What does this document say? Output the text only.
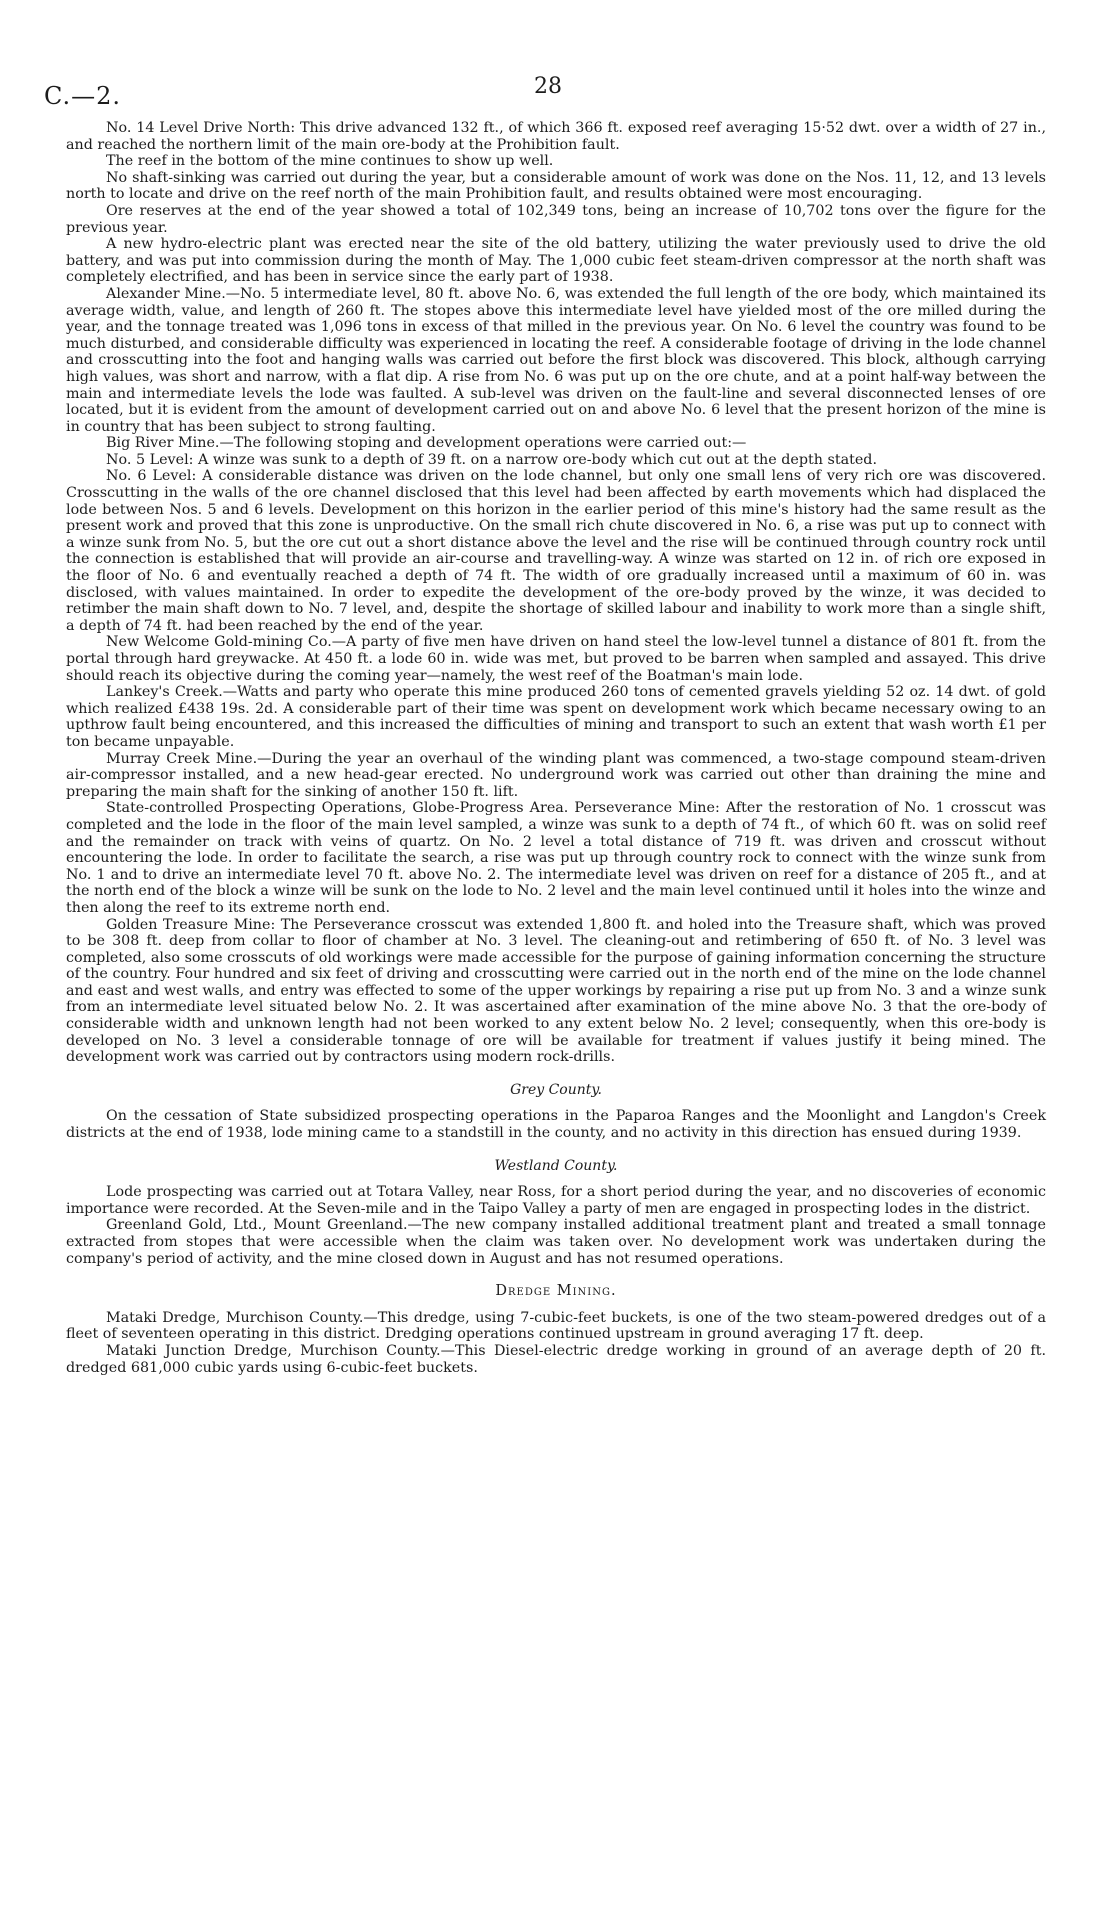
C.—2.	28

No. 14 Level Drive North: This drive advanced 132 ft., of which 366 ft. exposed reef averaging 15·52 dwt. over a width of 27 in., and reached the northern limit of the main ore-body at the Prohibition fault.

The reef in the bottom of the mine continues to show up well.

No shaft-sinking was carried out during the year, but a considerable amount of work was done on the Nos. 11, 12, and 13 levels north to locate and drive on the reef north of the main Prohibition fault, and results obtained were most encouraging.

Ore reserves at the end of the year showed a total of 102,349 tons, being an increase of 10,702 tons over the figure for the previous year.

A new hydro-electric plant was erected near the site of the old battery, utilizing the water previously used to drive the old battery, and was put into commission during the month of May. The 1,000 cubic feet steam-driven compressor at the north shaft was completely electrified, and has been in service since the early part of 1938.

Alexander Mine.—No. 5 intermediate level, 80 ft. above No. 6, was extended the full length of the ore body, which maintained its average width, value, and length of 260 ft. The stopes above this intermediate level have yielded most of the ore milled during the year, and the tonnage treated was 1,096 tons in excess of that milled in the previous year. On No. 6 level the country was found to be much disturbed, and considerable difficulty was experienced in locating the reef. A considerable footage of driving in the lode channel and crosscutting into the foot and hanging walls was carried out before the first block was discovered. This block, although carrying high values, was short and narrow, with a flat dip. A rise from No. 6 was put up on the ore chute, and at a point half-way between the main and intermediate levels the lode was faulted. A sub-level was driven on the fault-line and several disconnected lenses of ore located, but it is evident from the amount of development carried out on and above No. 6 level that the present horizon of the mine is in country that has been subject to strong faulting.

Big River Mine.—The following stoping and development operations were carried out:—

No. 5 Level: A winze was sunk to a depth of 39 ft. on a narrow ore-body which cut out at the depth stated.

No. 6 Level: A considerable distance was driven on the lode channel, but only one small lens of very rich ore was discovered. Crosscutting in the walls of the ore channel disclosed that this level had been affected by earth movements which had displaced the lode between Nos. 5 and 6 levels. Development on this horizon in the earlier period of this mine's history had the same result as the present work and proved that this zone is unproductive. On the small rich chute discovered in No. 6, a rise was put up to connect with a winze sunk from No. 5, but the ore cut out a short distance above the level and the rise will be continued through country rock until the connection is established that will provide an air-course and travelling-way. A winze was started on 12 in. of rich ore exposed in the floor of No. 6 and eventually reached a depth of 74 ft. The width of ore gradually increased until a maximum of 60 in. was disclosed, with values maintained. In order to expedite the development of the ore-body proved by the winze, it was decided to retimber the main shaft down to No. 7 level, and, despite the shortage of skilled labour and inability to work more than a single shift, a depth of 74 ft. had been reached by the end of the year.

New Welcome Gold-mining Co.—A party of five men have driven on hand steel the low-level tunnel a distance of 801 ft. from the portal through hard greywacke. At 450 ft. a lode 60 in. wide was met, but proved to be barren when sampled and assayed. This drive should reach its objective during the coming year—namely, the west reef of the Boatman's main lode.

Lankey's Creek.—Watts and party who operate this mine produced 260 tons of cemented gravels yielding 52 oz. 14 dwt. of gold which realized £438 19s. 2d. A considerable part of their time was spent on development work which became necessary owing to an upthrow fault being encountered, and this increased the difficulties of mining and transport to such an extent that wash worth £1 per ton became unpayable.

Murray Creek Mine.—During the year an overhaul of the winding plant was commenced, a two-stage compound steam-driven air-compressor installed, and a new head-gear erected. No underground work was carried out other than draining the mine and preparing the main shaft for the sinking of another 150 ft. lift.

State-controlled Prospecting Operations, Globe-Progress Area. Perseverance Mine: After the restoration of No. 1 crosscut was completed and the lode in the floor of the main level sampled, a winze was sunk to a depth of 74 ft., of which 60 ft. was on solid reef and the remainder on track with veins of quartz. On No. 2 level a total distance of 719 ft. was driven and crosscut without encountering the lode. In order to facilitate the search, a rise was put up through country rock to connect with the winze sunk from No. 1 and to drive an intermediate level 70 ft. above No. 2. The intermediate level was driven on reef for a distance of 205 ft., and at the north end of the block a winze will be sunk on the lode to No. 2 level and the main level continued until it holes into the winze and then along the reef to its extreme north end.

Golden Treasure Mine: The Perseverance crosscut was extended 1,800 ft. and holed into the Treasure shaft, which was proved to be 308 ft. deep from collar to floor of chamber at No. 3 level. The cleaning-out and retimbering of 650 ft. of No. 3 level was completed, also some crosscuts of old workings were made accessible for the purpose of gaining information concerning the structure of the country. Four hundred and six feet of driving and crosscutting were carried out in the north end of the mine on the lode channel and east and west walls, and entry was effected to some of the upper workings by repairing a rise put up from No. 3 and a winze sunk from an intermediate level situated below No. 2. It was ascertained after examination of the mine above No. 3 that the ore-body of considerable width and unknown length had not been worked to any extent below No. 2 level; consequently, when this ore-body is developed on No. 3 level a considerable tonnage of ore will be available for treatment if values justify it being mined. The development work was carried out by contractors using modern rock-drills.

Grey County.

On the cessation of State subsidized prospecting operations in the Paparoa Ranges and the Moonlight and Langdon's Creek districts at the end of 1938, lode mining came to a standstill in the county, and no activity in this direction has ensued during 1939.

Westland County.

Lode prospecting was carried out at Totara Valley, near Ross, for a short period during the year, and no discoveries of economic importance were recorded. At the Seven-mile and in the Taipo Valley a party of men are engaged in prospecting lodes in the district.

Greenland Gold, Ltd., Mount Greenland.—The new company installed additional treatment plant and treated a small tonnage extracted from stopes that were accessible when the claim was taken over. No development work was undertaken during the company's period of activity, and the mine closed down in August and has not resumed operations.

Dredge Mining.

Mataki Dredge, Murchison County.—This dredge, using 7-cubic-feet buckets, is one of the two steam-powered dredges out of a fleet of seventeen operating in this district. Dredging operations continued upstream in ground averaging 17 ft. deep.

Mataki Junction Dredge, Murchison County.—This Diesel-electric dredge working in ground of an average depth of 20 ft. dredged 681,000 cubic yards using 6-cubic-feet buckets.
